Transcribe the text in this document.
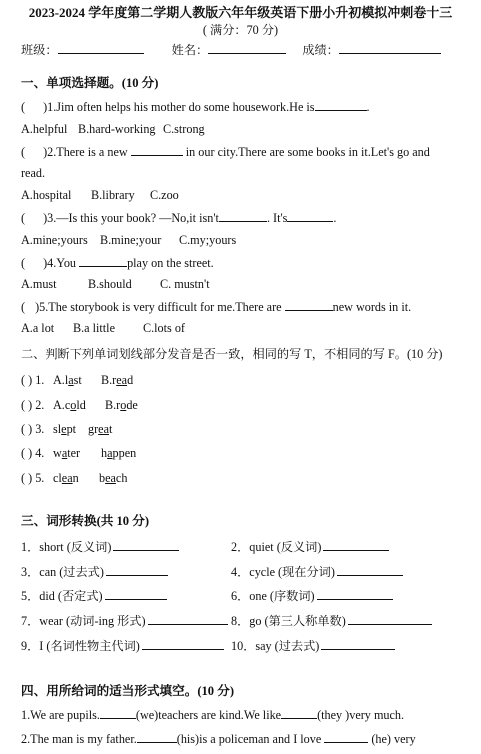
2023-2024 学年度第二学期人教版六年年级英语下册小升初模拟冲刺卷十三
( 满分：70 分)
班级：	姓名：	成绩：
一、单项选择题。(10 分)
( )1.Jim often helps his mother do some housework.He is	.
A.helpful B.hard-working C.strong
( )2.There is a new	in our city.There are some books in it.Let's go and
read.
A.hospital B.library C.zoo
( )3.—Is this your book? —No,it isn't	. It's	.
A.mine;yours B.mine;your C.my;yours
( )4.You	play on the street.
A.must	B.should C. mustn't
( )5.The storybook is very difficult for me.There are	new words in it.
A.a lot B.a little C.lots of
二、判断下列单词划线部分发音是否一致，相同的写 T，不相同的写 F。(10 分)
( ) 1. A.last B.read
( ) 2. A.cold B.rode
( ) 3. slept great
( ) 4. water happen
( ) 5. clean beach
三、词形转换(共 10 分)
1．short (反义词)	2．quiet (反义词)
3．can (过去式)	4．cycle (现在分词)
5．did (否定式)	6．one (序数词)
7．wear (动词-ing 形式)	8．go (第三人称单数)
9．I (名词性物主代词)	10．say (过去式)
四、用所给词的适当形式填空。(10 分)
1.We are pupils.	(we)teachers are kind.We like	(they )very much.
2.The man is my father.	(his)is a policeman and I love	(he) very
